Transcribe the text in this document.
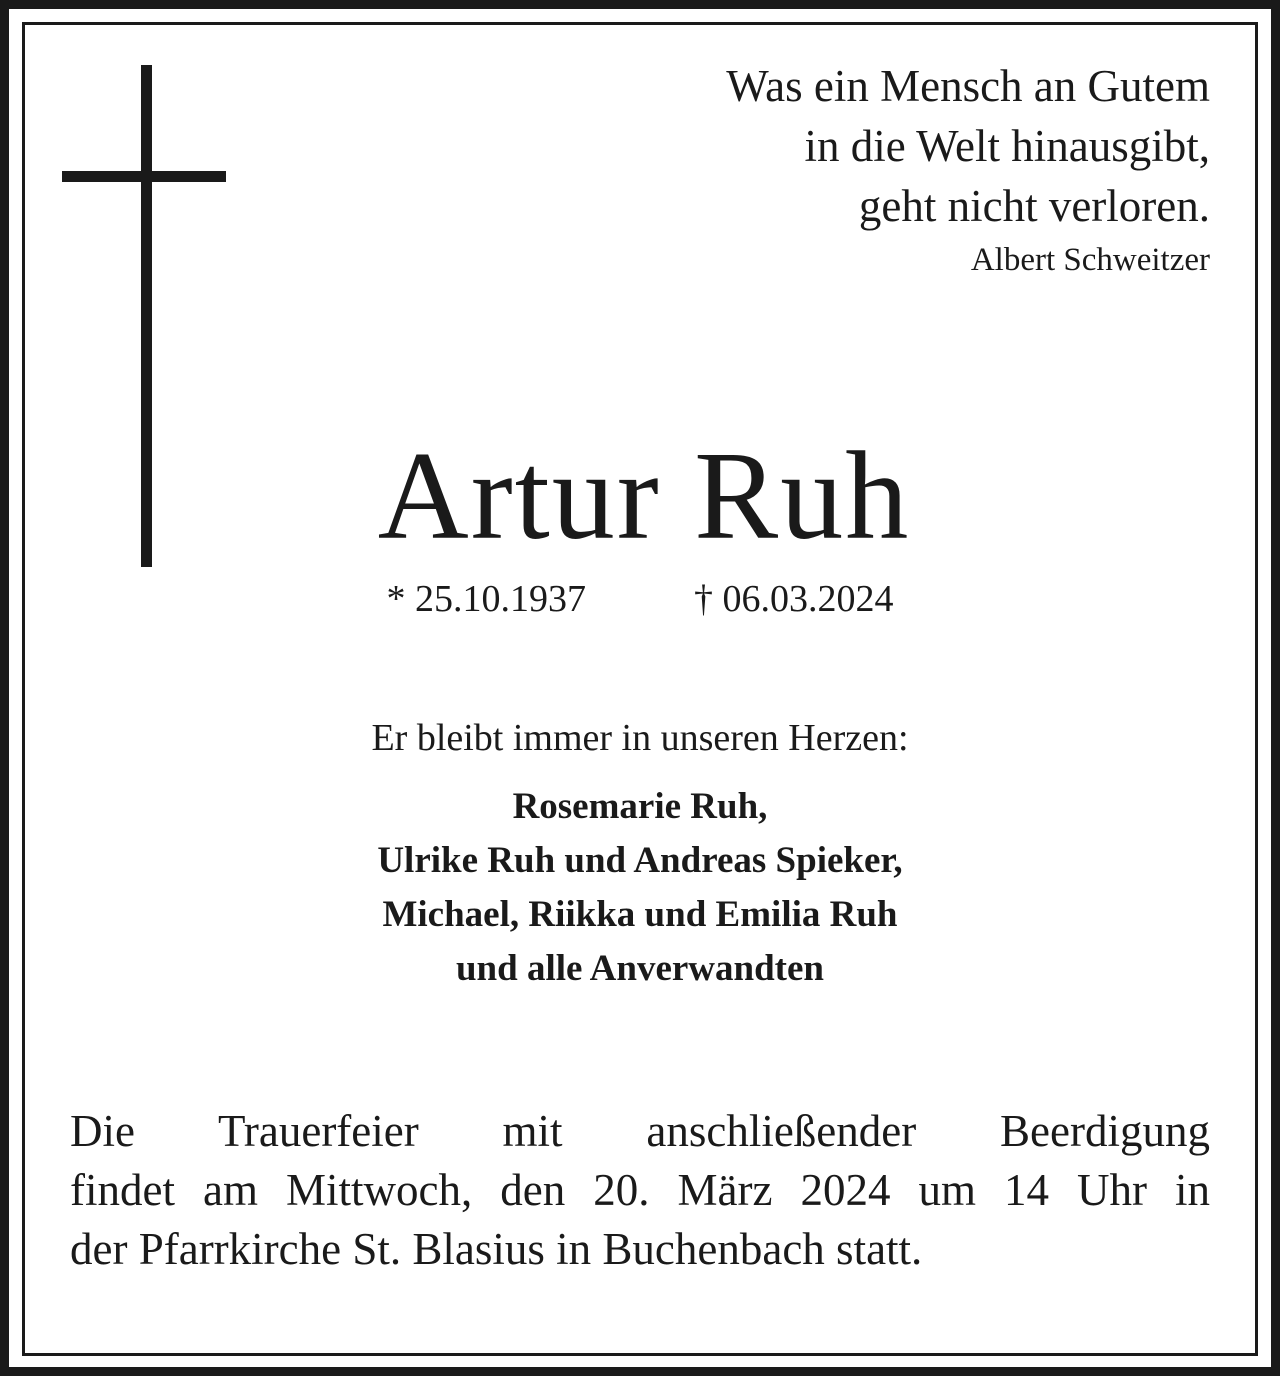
Was ein Mensch an Gutem
in die Welt hinausgibt,
geht nicht verloren.
Albert Schweitzer
Artur Ruh
* 25.10.1937	† 06.03.2024
Er bleibt immer in unseren Herzen:
Rosemarie Ruh,
Ulrike Ruh und Andreas Spieker,
Michael, Riikka und Emilia Ruh
und alle Anverwandten
Die Trauerfeier mit anschließender Beerdigung
findet am Mittwoch, den 20. März 2024 um 14 Uhr in
der Pfarrkirche St. Blasius in Buchenbach statt.
